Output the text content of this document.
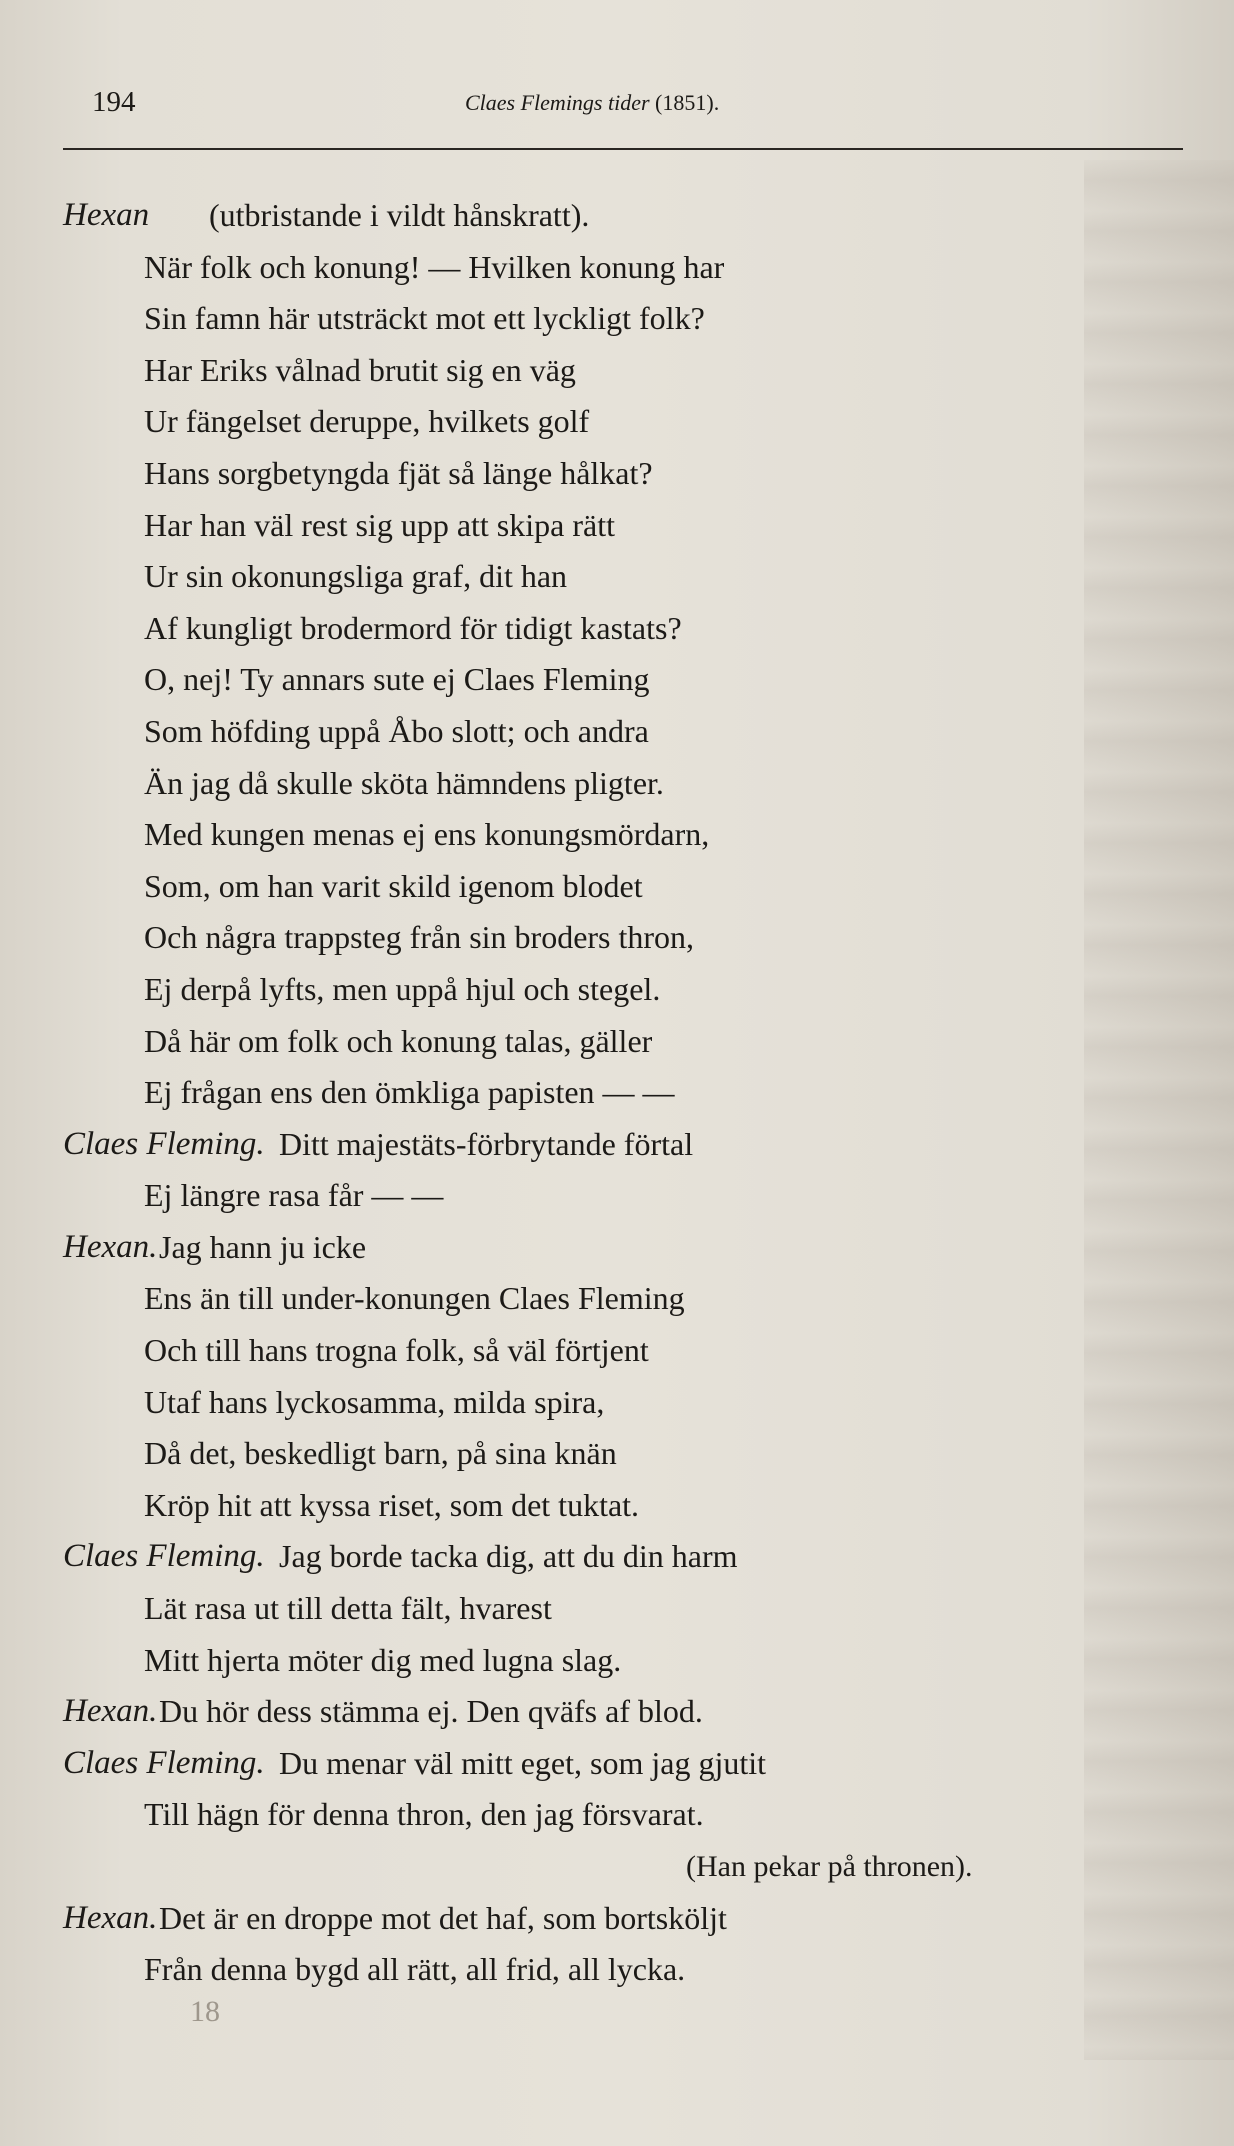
194	Claes Flemings tider (1851).
Hexan (utbristande i vildt hånskratt).
När folk och konung! — Hvilken konung har
Sin famn här utsträckt mot ett lyckligt folk?
Har Eriks vålnad brutit sig en väg
Ur fängelset deruppe, hvilkets golf
Hans sorgbetyngda fjät så länge hålkat?
Har han väl rest sig upp att skipa rätt
Ur sin okonungsliga graf, dit han
Af kungligt brodermord för tidigt kastats?
O, nej! Ty annars sute ej Claes Fleming
Som höfding uppå Åbo slott; och andra
Än jag då skulle sköta hämndens pligter.
Med kungen menas ej ens konungsmördarn,
Som, om han varit skild igenom blodet
Och några trappsteg från sin broders thron,
Ej derpå lyfts, men uppå hjul och stegel.
Då här om folk och konung talas, gäller
Ej frågan ens den ömkliga papisten — —
Claes Fleming. Ditt majestäts-förbrytande förtal
Ej längre rasa får — —
Hexan. Jag hann ju icke
Ens än till under-konungen Claes Fleming
Och till hans trogna folk, så väl förtjent
Utaf hans lyckosamma, milda spira,
Då det, beskedligt barn, på sina knän
Kröp hit att kyssa riset, som det tuktat.
Claes Fleming. Jag borde tacka dig, att du din harm
Lät rasa ut till detta fält, hvarest
Mitt hjerta möter dig med lugna slag.
Hexan. Du hör dess stämma ej. Den qväfs af blod.
Claes Fleming. Du menar väl mitt eget, som jag gjutit
Till hägn för denna thron, den jag försvarat.
(Han pekar på thronen).
Hexan. Det är en droppe mot det haf, som bortsköljt
Från denna bygd all rätt, all frid, all lycka.
18
